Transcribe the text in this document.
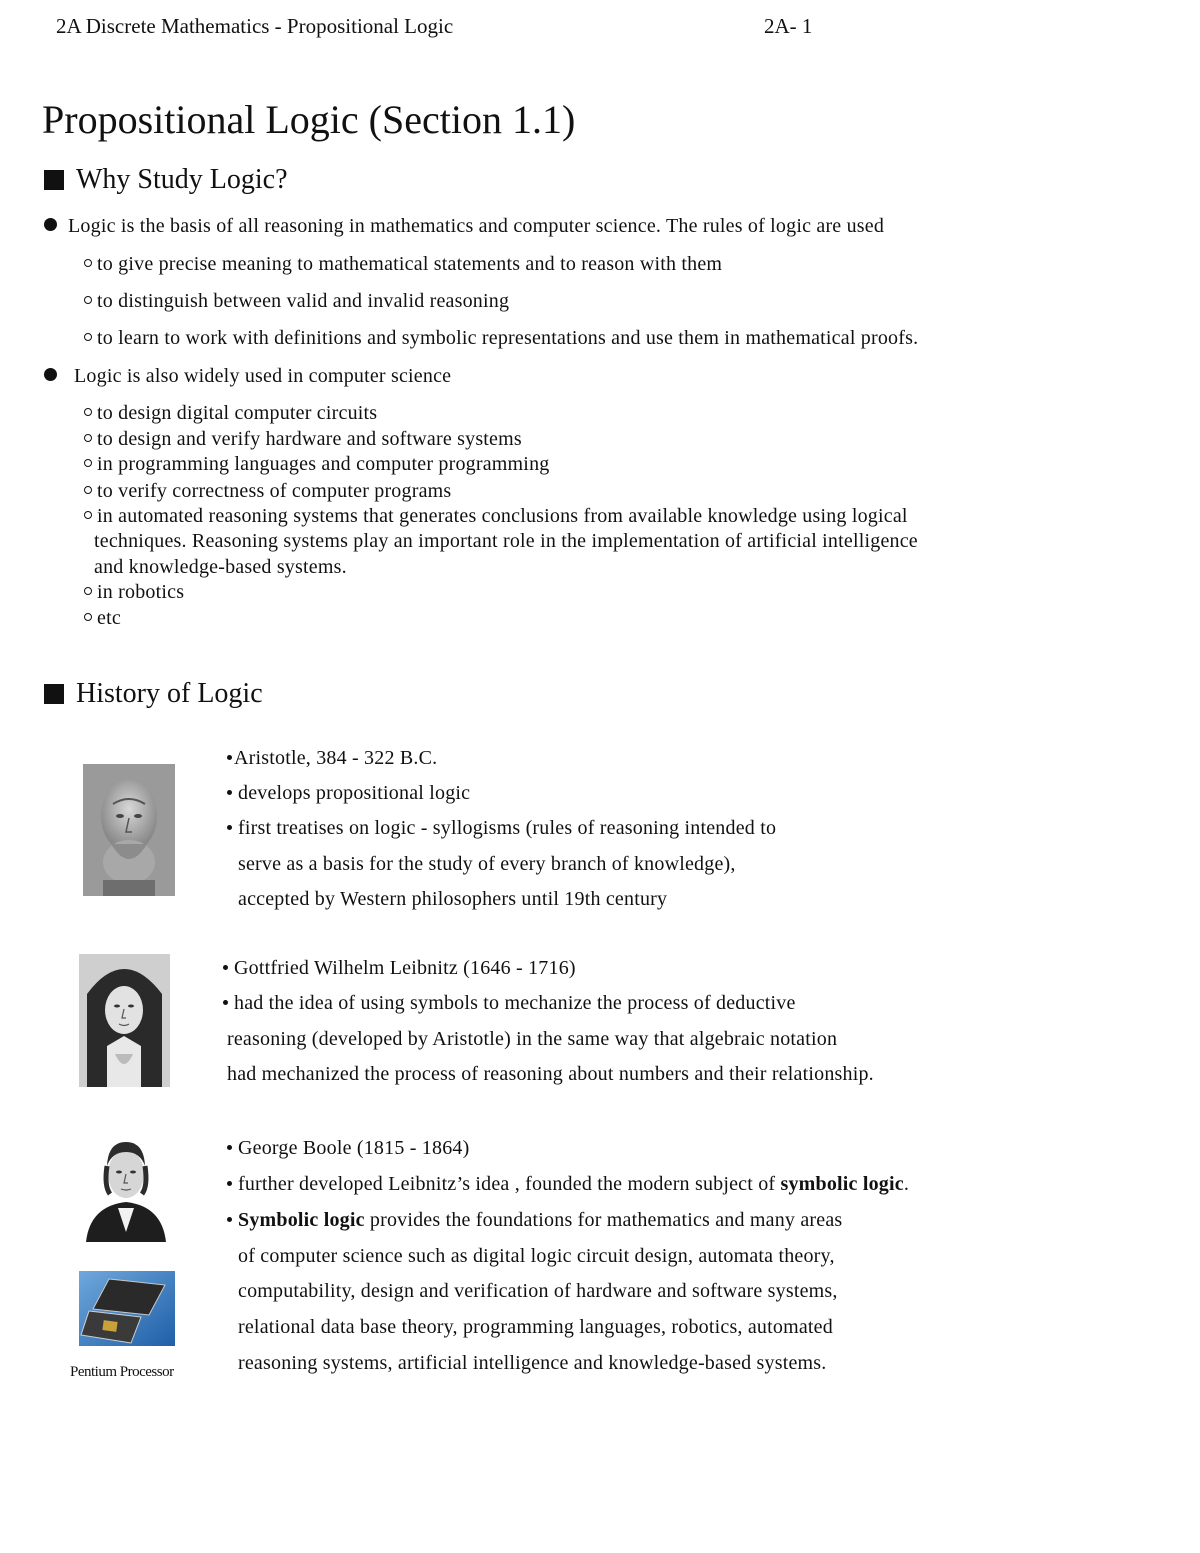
2A Discrete Mathematics - Propositional Logic	2A- 1
Propositional Logic (Section 1.1)
Why Study Logic?
Logic is the basis of all reasoning in mathematics and computer science. The rules of logic are used
to give precise meaning to mathematical statements and to reason with them
to distinguish between valid and invalid reasoning
to learn to work with definitions and symbolic representations and use them in mathematical proofs.
Logic is also widely used in computer science
to design digital computer circuits
to design and verify hardware and software systems
in programming languages and computer programming
to verify correctness of computer programs
in automated reasoning systems that generates conclusions from available knowledge using logical
techniques. Reasoning systems play an important role in the implementation of artificial intelligence
and knowledge-based systems.
in robotics
etc
History of Logic
Aristotle, 384 - 322 B.C.
develops propositional logic
first treatises on logic - syllogisms (rules of reasoning intended to
serve as a basis for the study of every branch of knowledge),
accepted by Western philosophers until 19th century
Gottfried Wilhelm Leibnitz (1646 - 1716)
had the idea of using symbols to mechanize the process of deductive
reasoning (developed by Aristotle) in the same way that algebraic notation
had mechanized the process of reasoning about numbers and their relationship.
Pentium Processor
George Boole (1815 - 1864)
further developed Leibnitz’s idea , founded the modern subject of symbolic logic.
Symbolic logic provides the foundations for mathematics and many areas
of computer science such as digital logic circuit design, automata theory,
computability, design and verification of hardware and software systems,
relational data base theory, programming languages, robotics, automated
reasoning systems, artificial intelligence and knowledge-based systems.
